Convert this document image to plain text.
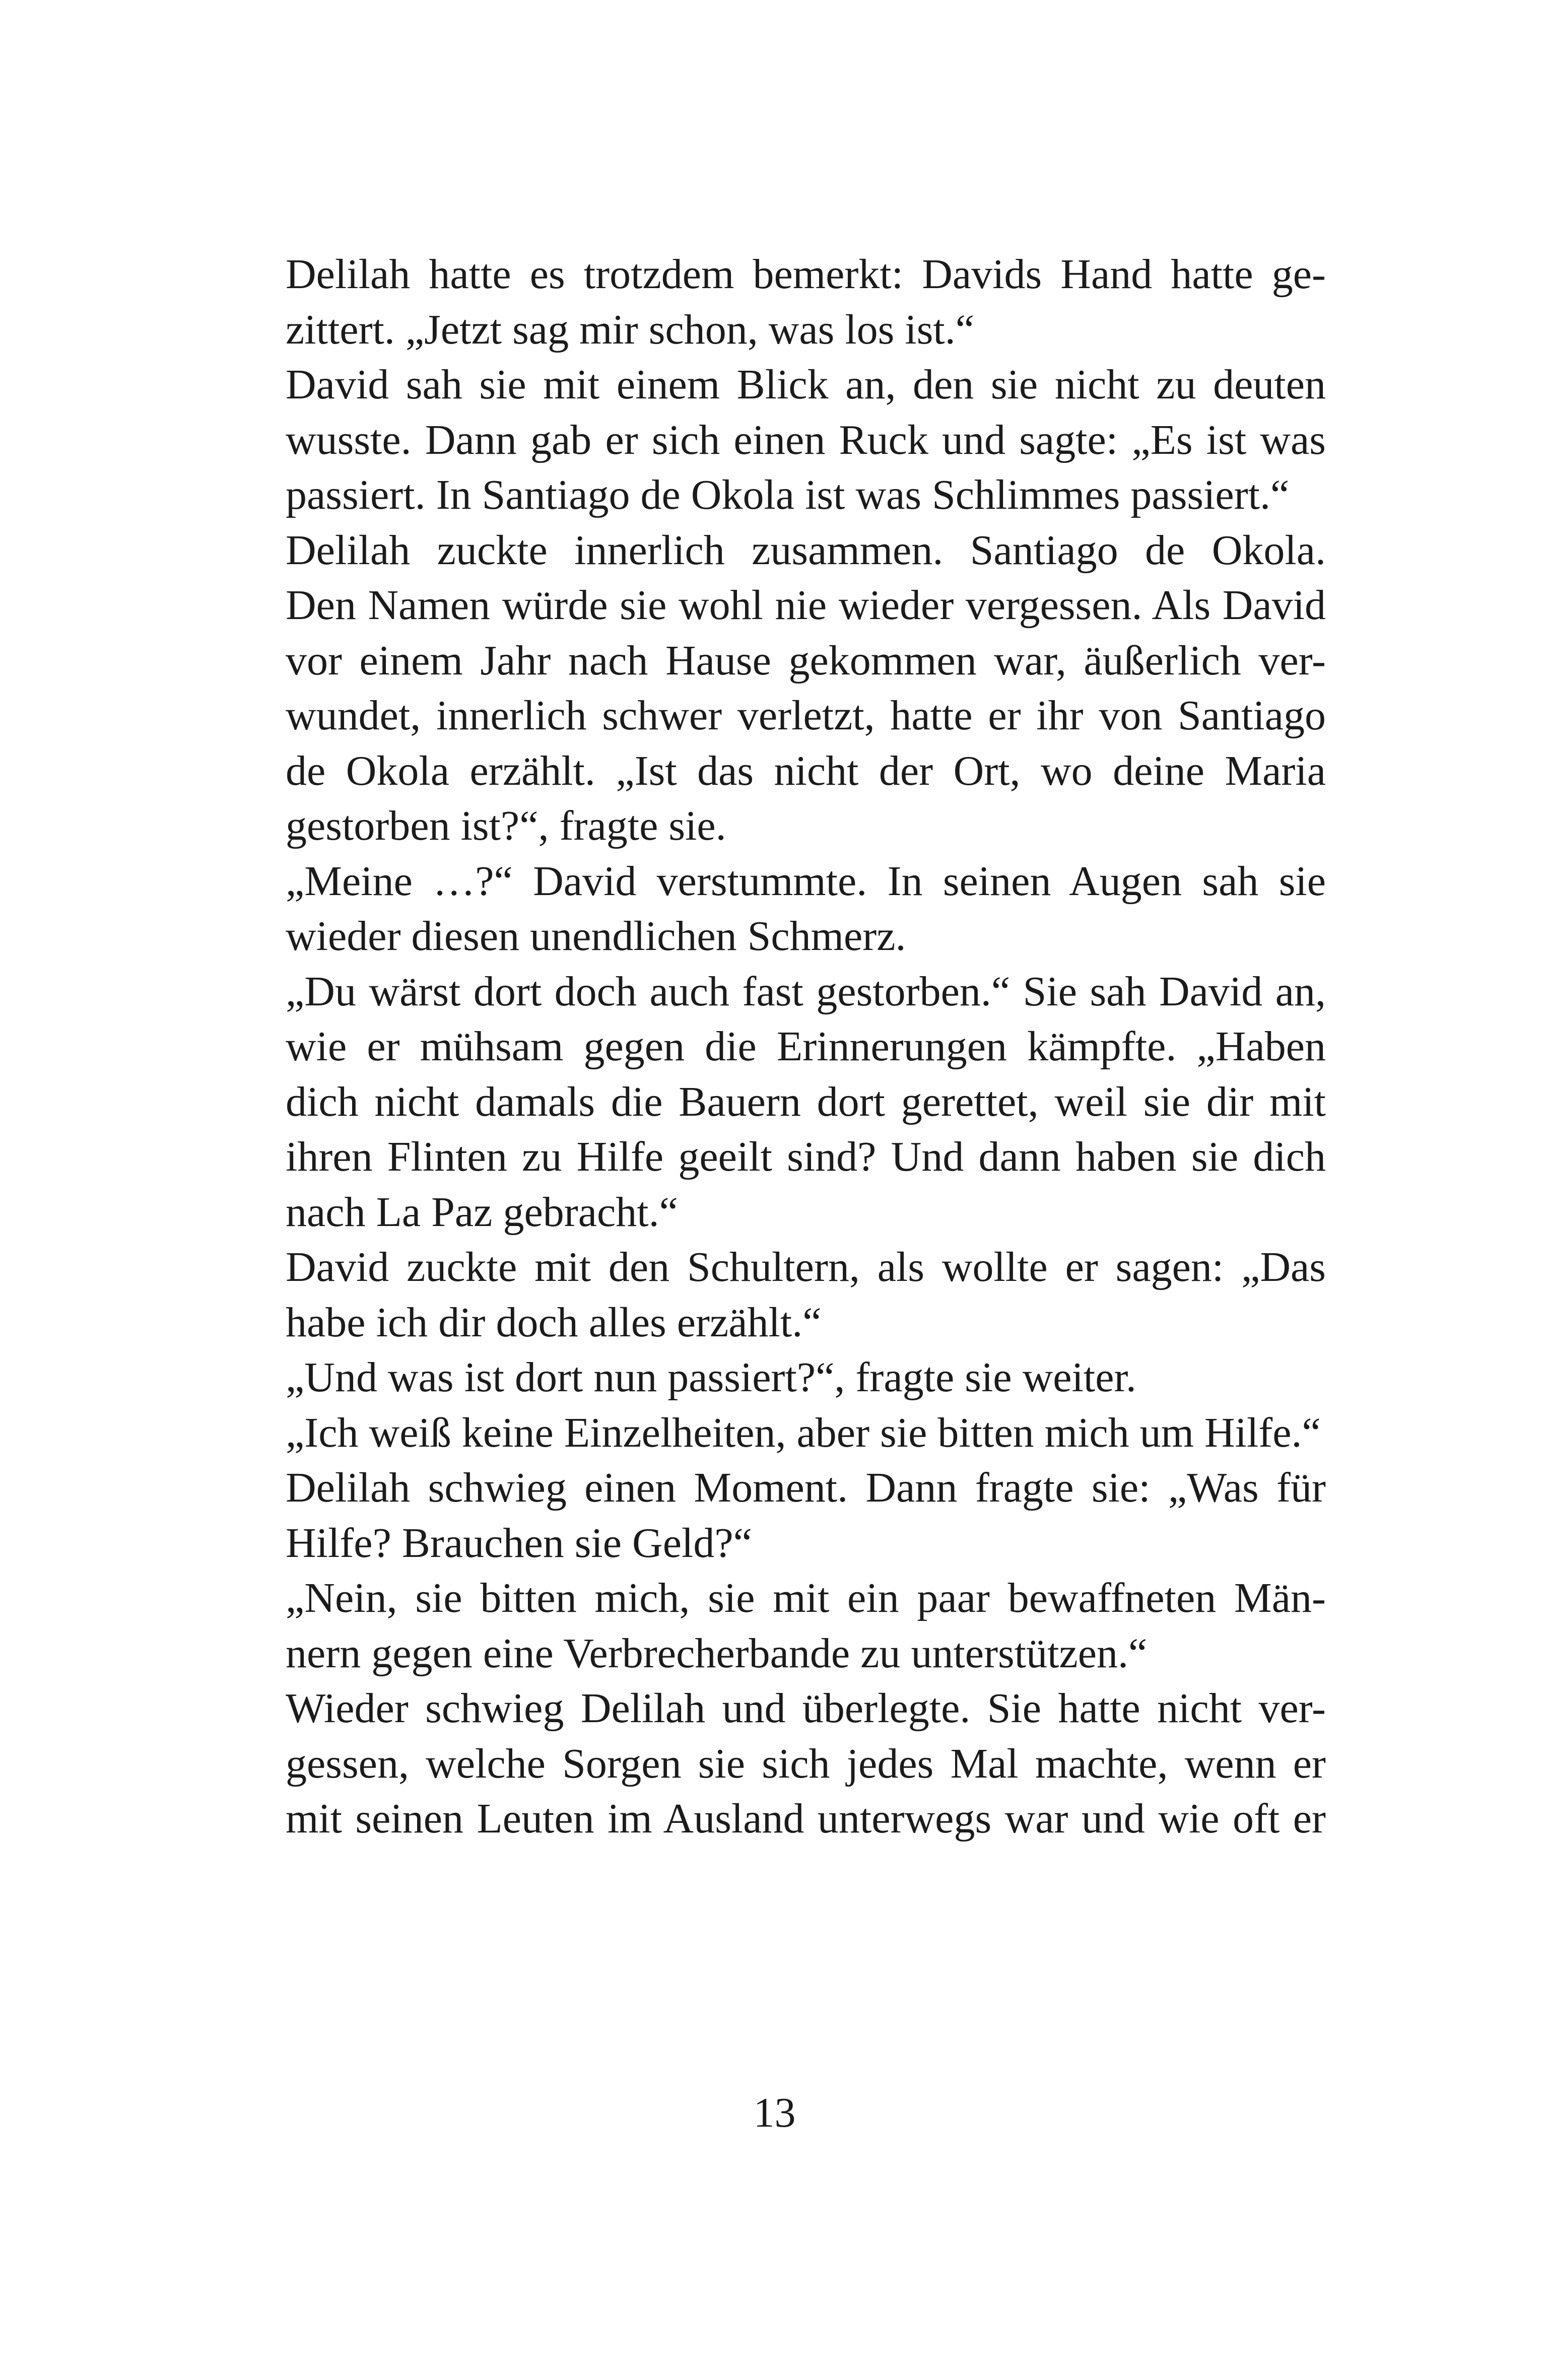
Delilah hatte es trotzdem bemerkt: Davids Hand hatte ge-
zittert. „Jetzt sag mir schon, was los ist.“
David sah sie mit einem Blick an, den sie nicht zu deuten
wusste. Dann gab er sich einen Ruck und sagte: „Es ist was
passiert. In Santiago de Okola ist was Schlimmes passiert.“
Delilah zuckte innerlich zusammen. Santiago de Okola.
Den Namen würde sie wohl nie wieder vergessen. Als David
vor einem Jahr nach Hause gekommen war, äußerlich ver-
wundet, innerlich schwer verletzt, hatte er ihr von Santiago
de Okola erzählt. „Ist das nicht der Ort, wo deine Maria
gestorben ist?“, fragte sie.
„Meine …?“ David verstummte. In seinen Augen sah sie
wieder diesen unendlichen Schmerz.
„Du wärst dort doch auch fast gestorben.“ Sie sah David an,
wie er mühsam gegen die Erinnerungen kämpfte. „Haben
dich nicht damals die Bauern dort gerettet, weil sie dir mit
ihren Flinten zu Hilfe geeilt sind? Und dann haben sie dich
nach La Paz gebracht.“
David zuckte mit den Schultern, als wollte er sagen: „Das
habe ich dir doch alles erzählt.“
„Und was ist dort nun passiert?“, fragte sie weiter.
„Ich weiß keine Einzelheiten, aber sie bitten mich um Hilfe.“
Delilah schwieg einen Moment. Dann fragte sie: „Was für
Hilfe? Brauchen sie Geld?“
„Nein, sie bitten mich, sie mit ein paar bewaffneten Män-
nern gegen eine Verbrecherbande zu unterstützen.“
Wieder schwieg Delilah und überlegte. Sie hatte nicht ver-
gessen, welche Sorgen sie sich jedes Mal machte, wenn er
mit seinen Leuten im Ausland unterwegs war und wie oft er
13
